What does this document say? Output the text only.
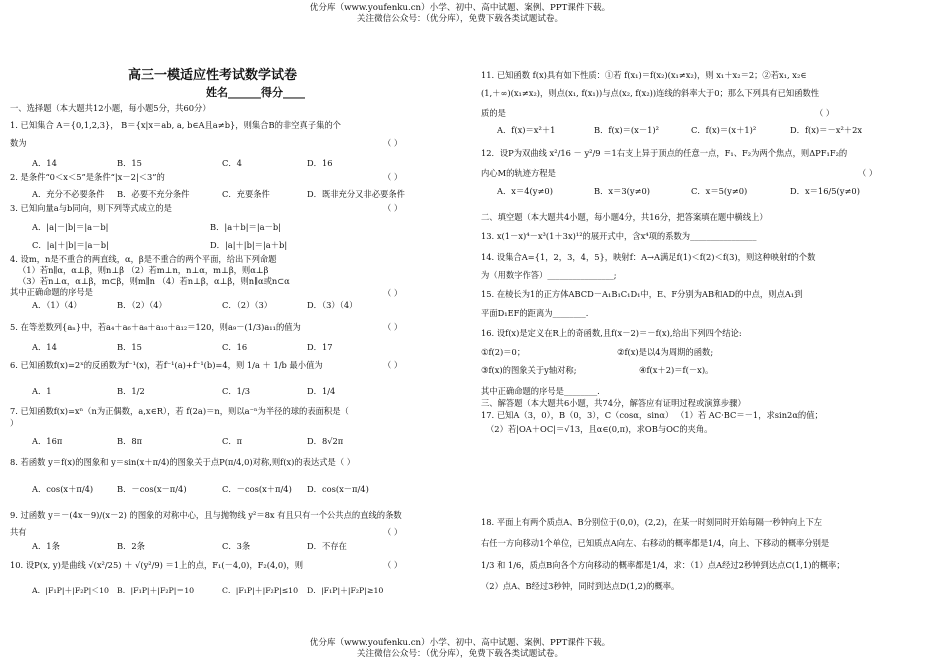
优分库（www.youfenku.cn）小学、初中、高中试题、案例、PPT课件下载。
关注微信公众号：（优分库），免费下载各类试题试卷。
高三一模适应性考试数学试卷
姓名______得分____
一、选择题（本大题共12小题，每小题5分，共60分）
1. 已知集合 A＝{0,1,2,3}， B＝{x|x＝ab, a, b∈A且a≠b}，则集合B的非空真子集的个
数为	（ ）
A．14	B．15	C．4	D．16
2. 是条件“0＜x＜5”是条件“|x－2|＜3”的	（ ）
A．充分不必要条件 B．必要不充分条件	C．充要条件	D．既非充分又非必要条件
3. 已知向量a与b同向，则下列等式成立的是	（ ）
A．|a|－|b|＝|a－b|	B．|a＋b|＝|a－b|
C．|a|＋|b|＝|a－b|	D．|a|＋|b|＝|a＋b|
4. 设m，n是不重合的两直线，α，β是不重合的两个平面，给出下列命题
（1）若n∥α，α⊥β，则n⊥β （2）若m⊥n，n⊥α，m⊥β，则α⊥β
（3）若n⊥α，α⊥β，m⊂β，则m∥n （4）若n⊥β，α⊥β，则n∥α或n⊂α
其中正确命题的序号是	（ ）
A．（1）（4）	B．（2）（4）	C．（2）（3）	D．（3）（4）
5. 在等差数列{aₙ}中，若a₄＋a₆＋a₈＋a₁₀＋a₁₂＝120，则a₉－(1/3)a₁₁的值为	（ ）
A．14	B．15	C．16	D．17
6. 已知函数f(x)=2ˣ的反函数为f⁻¹(x)，若f⁻¹(a)+f⁻¹(b)=4，则 1/a ＋ 1/b 最小值为	（ ）
A．1	B．1/2	C．1/3	D．1/4
7. 已知函数f(x)=xⁿ（n为正偶数，a,x∈R），若 f(2a)＝n，则以a⁻ⁿ为半径的球的表面积是（
）
A．16π	B．8π	C．π	D．8√2π
8. 若函数 y＝f(x)的图象和 y＝sin(x＋π/4)的图象关于点P(π/4,0)对称,则f(x)的表达式是（ ）
A．cos(x＋π/4)	B．－cos(x－π/4)	C．－cos(x＋π/4) D．cos(x－π/4)
9. 过函数 y＝－(4x－9)/(x－2) 的图象的对称中心，且与抛物线 y²＝8x 有且只有一个公共点的直线的条数
共有	（ ）
A．1条	B．2条	C．3条	D．不存在
10. 设P(x, y)是曲线 √(x²/25) ＋ √(y²/9) ＝1上的点，F₁(－4,0)，F₂(4,0)，则	（ ）
A．|F₁P|＋|F₂P|＜10 B．|F₁P|＋|F₂P|＝10	C．|F₁P|＋|F₂P|≤10 D．|F₁P|＋|F₂P|≥10
11. 已知函数 f(x)具有如下性质：①若 f(x₁)＝f(x₂)(x₁≠x₂)，则 x₁＋x₂＝2；②若x₁, x₂∈
(1,＋∞)(x₁≠x₂)，则点(x₁, f(x₁))与点(x₂, f(x₂))连线的斜率大于0；那么下列具有已知函数性
质的是	（ ）
A．f(x)＝x²＋1	B．f(x)＝(x－1)²	C．f(x)＝(x＋1)²	D．f(x)＝－x²＋2x
12．设P为双曲线 x²/16 － y²/9 ＝1右支上异于顶点的任意一点，F₁、F₂为两个焦点，则ΔPF₁F₂的
内心M的轨迹方程是	（ ）
A．x＝4(y≠0)	B．x＝3(y≠0)	C．x＝5(y≠0)	D．x＝16/5(y≠0)
二、填空题（本大题共4小题，每小题4分，共16分，把答案填在题中横线上）
13. x(1－x)⁴－x³(1＋3x)¹²的展开式中，含x⁴项的系数为________________
14. 设集合A={1，2，3，4，5}，映射f：A→A满足f(1)＜f(2)＜f(3)，则这种映射f的个数
为（用数字作答）________________;
15. 在棱长为1的正方体ABCD－A₁B₁C₁D₁中，E、F分别为AB和AD的中点，则点A₁到
平面D₁EF的距离为________.
16. 设f(x)是定义在R上的奇函数,且f(x－2)＝－f(x),给出下列四个结论:
①f(2)＝0；	②f(x)是以4为周期的函数;
③f(x)的图象关于y轴对称;	④f(x＋2)＝f(－x)。
其中正确命题的序号是________.
三、解答题（本大题共6小题，共74分，解答应有证明过程或演算步骤）
17. 已知A（3，0），B（0，3），C（cosα，sinα） （1）若 AC·BC＝－1，求sin2α的值；
（2）若|OA＋OC|＝√13，且α∈(0,π)，求OB与OC的夹角。
18. 平面上有两个质点A、B分别位于(0,0)，(2,2)，在某一时刻同时开始每隔一秒钟向上下左
右任一方向移动1个单位，已知质点A向左、右移动的概率都是1/4，向上、下移动的概率分别是
1/3 和 1/6，质点B向各个方向移动的概率都是1/4，求：（1）点A经过2秒钟到达点C(1,1)的概率；
（2）点A、B经过3秒钟，同时到达点D(1,2)的概率。
优分库（www.youfenku.cn）小学、初中、高中试题、案例、PPT课件下载。
关注微信公众号：（优分库），免费下载各类试题试卷。
